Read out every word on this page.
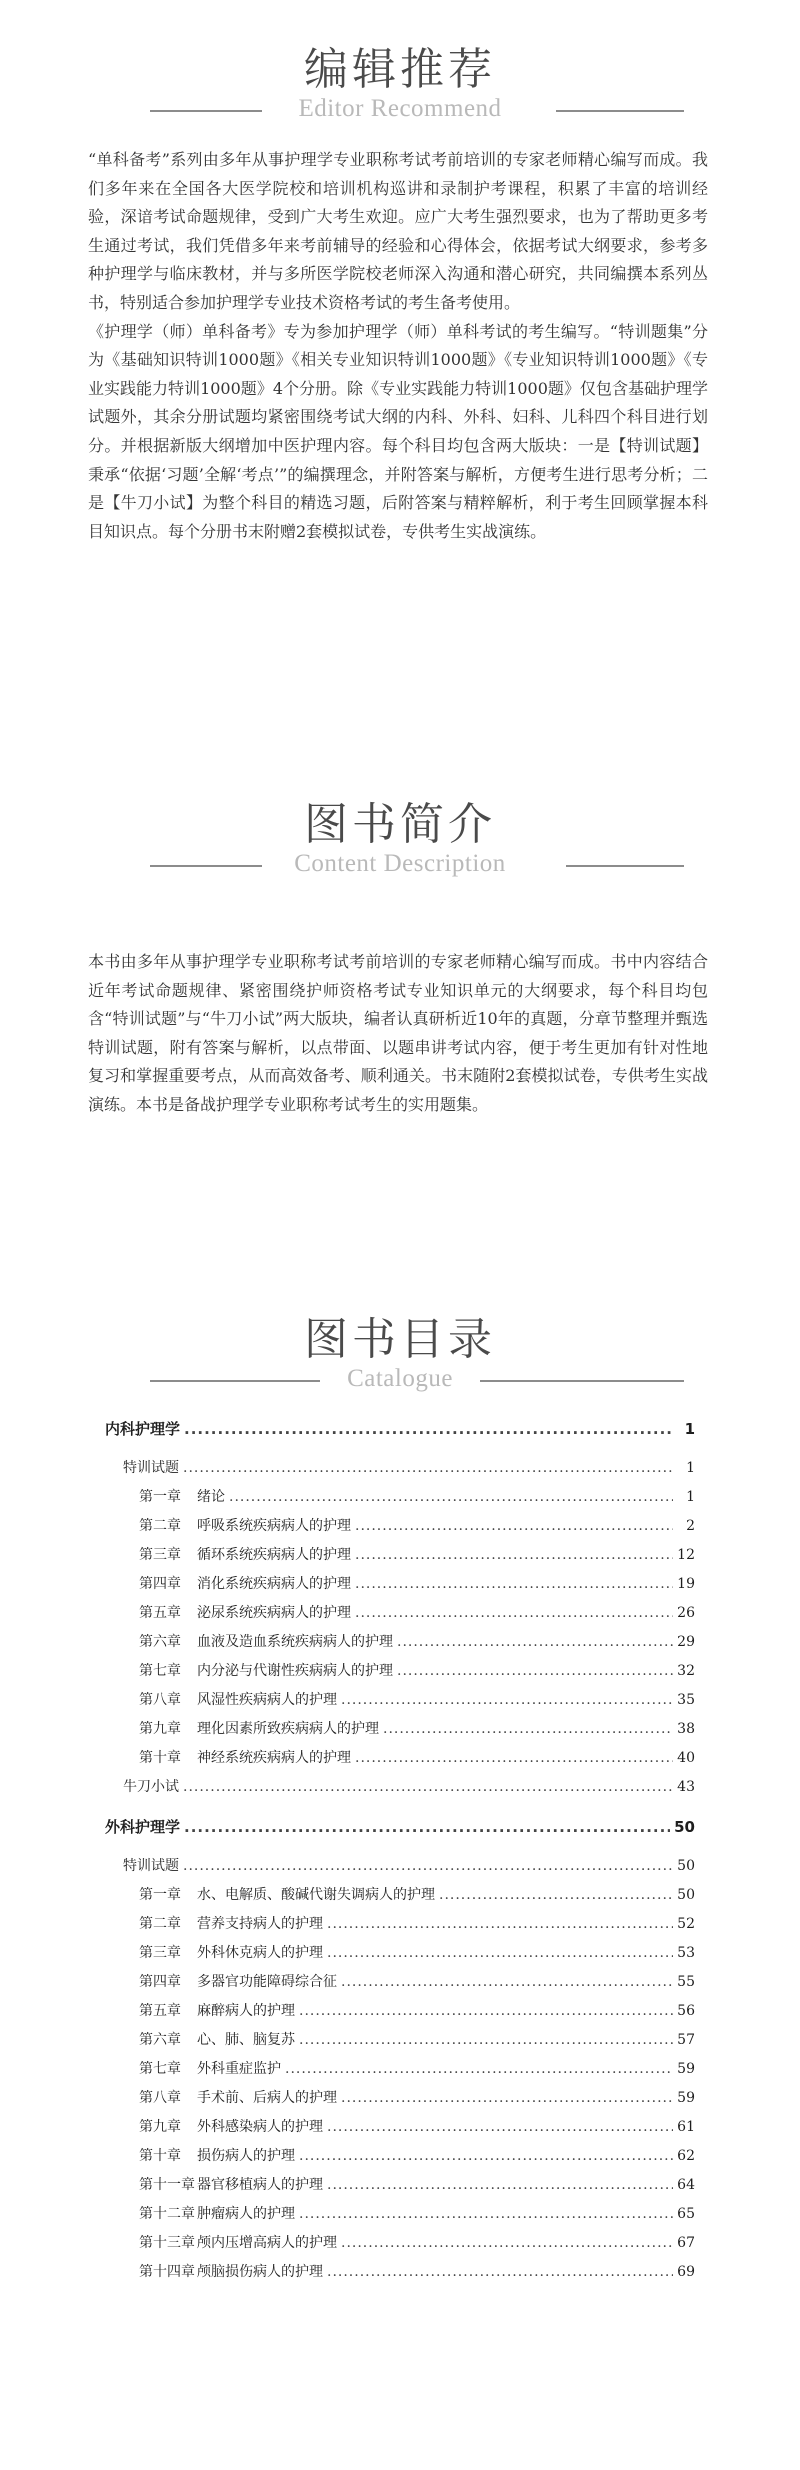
编辑推荐
Editor Recommend

“单科备考”系列由多年从事护理学专业职称考试考前培训的专家老师精心编写而成。我们多年来在全国各大医学院校和培训机构巡讲和录制护考课程，积累了丰富的培训经验，深谙考试命题规律，受到广大考生欢迎。应广大考生强烈要求，也为了帮助更多考生通过考试，我们凭借多年来考前辅导的经验和心得体会，依据考试大纲要求，参考多种护理学与临床教材，并与多所医学院校老师深入沟通和潜心研究，共同编撰本系列丛书，特别适合参加护理学专业技术资格考试的考生备考使用。

《护理学（师）单科备考》专为参加护理学（师）单科考试的考生编写。“特训题集”分为《基础知识特训1000题》《相关专业知识特训1000题》《专业知识特训1000题》《专业实践能力特训1000题》4个分册。除《专业实践能力特训1000题》仅包含基础护理学试题外，其余分册试题均紧密围绕考试大纲的内科、外科、妇科、儿科四个科目进行划分。并根据新版大纲增加中医护理内容。每个科目均包含两大版块：一是【特训试题】秉承“依据‘习题’全解‘考点’”的编撰理念，并附答案与解析，方便考生进行思考分析；二是【牛刀小试】为整个科目的精选习题，后附答案与精粹解析，利于考生回顾掌握本科目知识点。每个分册书末附赠2套模拟试卷，专供考生实战演练。

图书简介
Content Description

本书由多年从事护理学专业职称考试考前培训的专家老师精心编写而成。书中内容结合近年考试命题规律、紧密围绕护师资格考试专业知识单元的大纲要求，每个科目均包含“特训试题”与“牛刀小试”两大版块，编者认真研析近10年的真题，分章节整理并甄选特训试题，附有答案与解析，以点带面、以题串讲考试内容，便于考生更加有针对性地复习和掌握重要考点，从而高效备考、顺利通关。书末随附2套模拟试卷，专供考生实战演练。本书是备战护理学专业职称考试考生的实用题集。

图书目录
Catalogue
内科护理学 .....	1
特训试题 .....	1
第一章 绪论 .....	1
第二章 呼吸系统疾病病人的护理 .....	2
第三章 循环系统疾病病人的护理 .....	12
第四章 消化系统疾病病人的护理 .....	19
第五章 泌尿系统疾病病人的护理 .....	26
第六章 血液及造血系统疾病病人的护理 .....	29
第七章 内分泌与代谢性疾病病人的护理 .....	32
第八章 风湿性疾病病人的护理 .....	35
第九章 理化因素所致疾病病人的护理 .....	38
第十章 神经系统疾病病人的护理 .....	40
牛刀小试 .....	43
外科护理学 .....	50
特训试题 .....	50
第一章 水、电解质、酸碱代谢失调病人的护理 .....	50
第二章 营养支持病人的护理 .....	52
第三章 外科休克病人的护理 .....	53
第四章 多器官功能障碍综合征 .....	55
第五章 麻醉病人的护理 .....	56
第六章 心、肺、脑复苏 .....	57
第七章 外科重症监护 .....	59
第八章 手术前、后病人的护理 .....	59
第九章 外科感染病人的护理 .....	61
第十章 损伤病人的护理 .....	62
第十一章 器官移植病人的护理 .....	64
第十二章 肿瘤病人的护理 .....	65
第十三章 颅内压增高病人的护理 .....	67
第十四章 颅脑损伤病人的护理 .....	69
